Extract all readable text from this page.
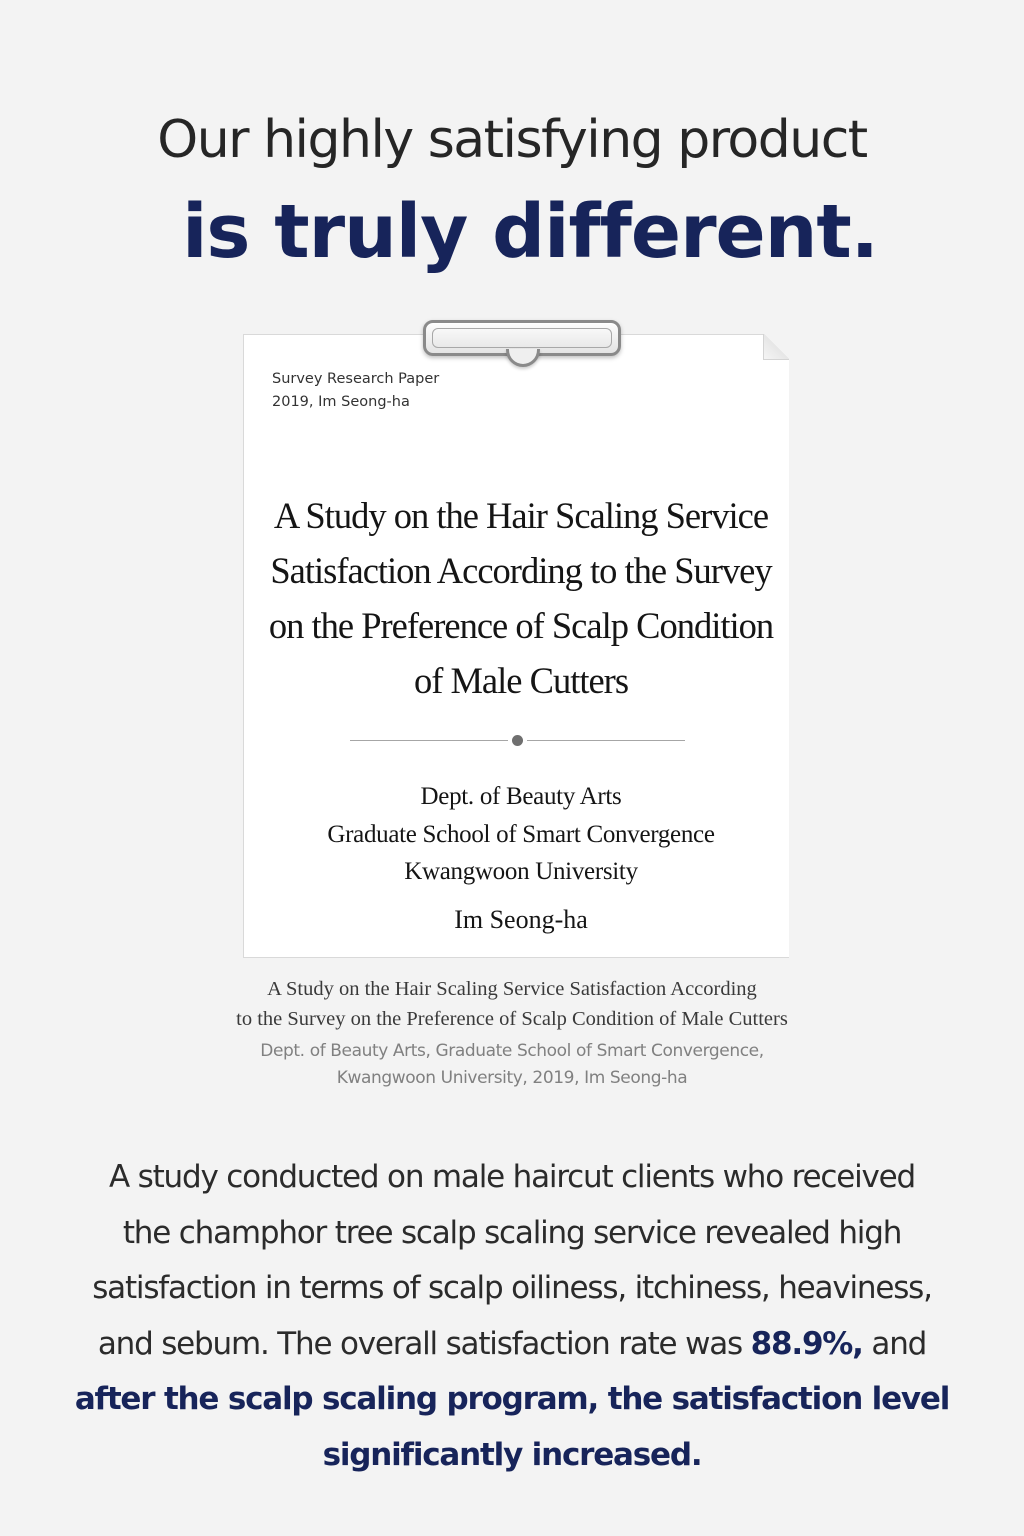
Our highly satisfying product
is truly different.
Survey Research Paper
2019, Im Seong-ha
A Study on the Hair Scaling Service
Satisfaction According to the Survey
on the Preference of Scalp Condition
of Male Cutters
Dept. of Beauty Arts
Graduate School of Smart Convergence
Kwangwoon University
Im Seong-ha
A Study on the Hair Scaling Service Satisfaction According
to the Survey on the Preference of Scalp Condition of Male Cutters
Dept. of Beauty Arts, Graduate School of Smart Convergence,
Kwangwoon University, 2019, Im Seong-ha
A study conducted on male haircut clients who received
the champhor tree scalp scaling service revealed high
satisfaction in terms of scalp oiliness, itchiness, heaviness,
and sebum. The overall satisfaction rate was 88.9%, and
after the scalp scaling program, the satisfaction level
significantly increased.
